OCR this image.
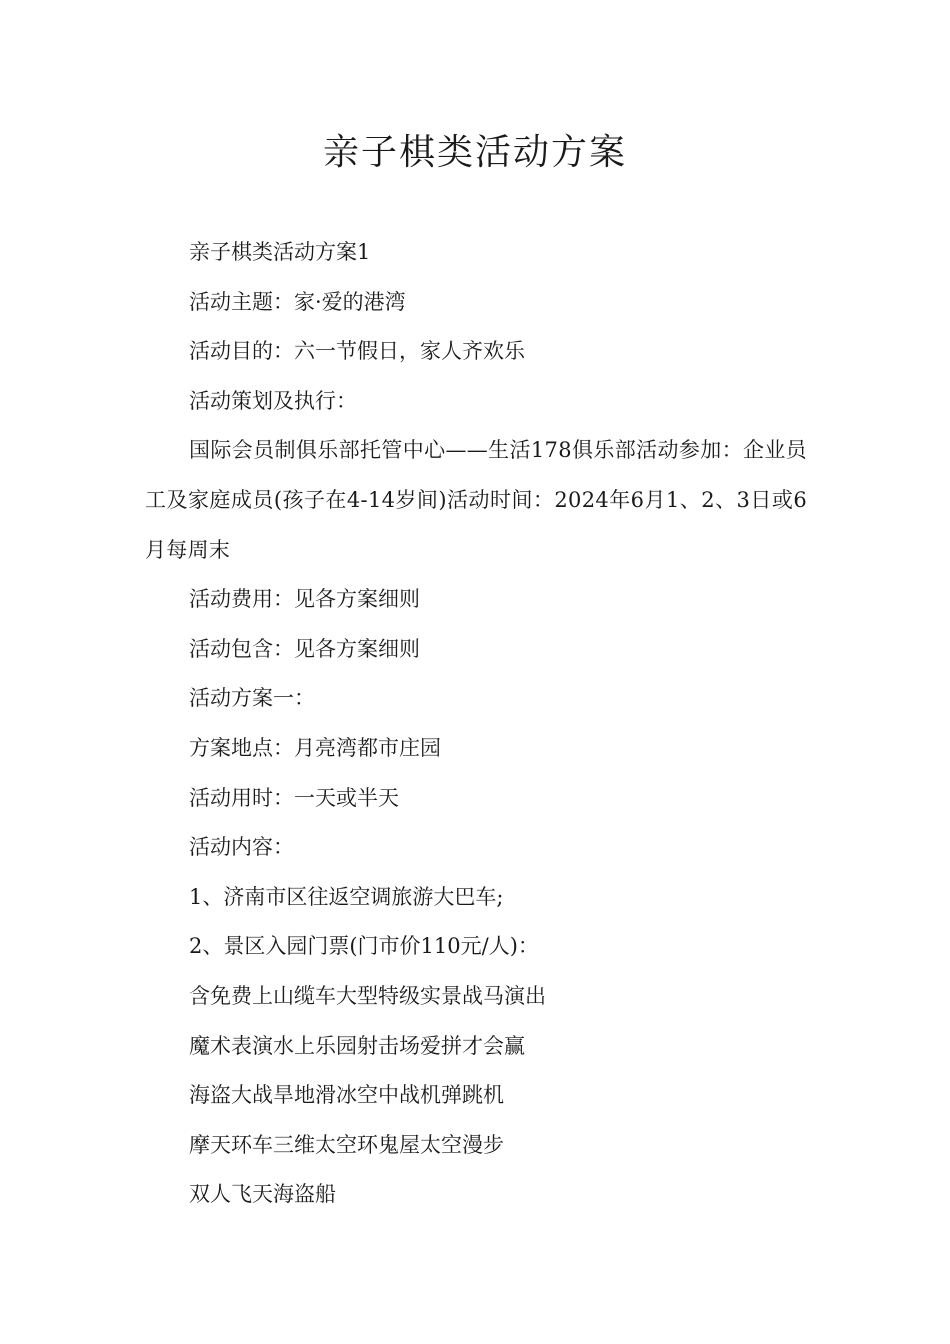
亲子棋类活动方案

亲子棋类活动方案1

活动主题：家·爱的港湾

活动目的：六一节假日，家人齐欢乐

活动策划及执行：

国际会员制俱乐部托管中心——生活178俱乐部活动参加：企业员工及家庭成员(孩子在4-14岁间)活动时间：2024年6月1、2、3日或6月每周末

活动费用：见各方案细则

活动包含：见各方案细则

活动方案一：

方案地点：月亮湾都市庄园

活动用时：一天或半天

活动内容：

1、济南市区往返空调旅游大巴车;

2、景区入园门票(门市价110元/人)：

含免费上山缆车大型特级实景战马演出

魔术表演水上乐园射击场爱拼才会赢

海盗大战旱地滑冰空中战机弹跳机

摩天环车三维太空环鬼屋太空漫步

双人飞天海盗船
